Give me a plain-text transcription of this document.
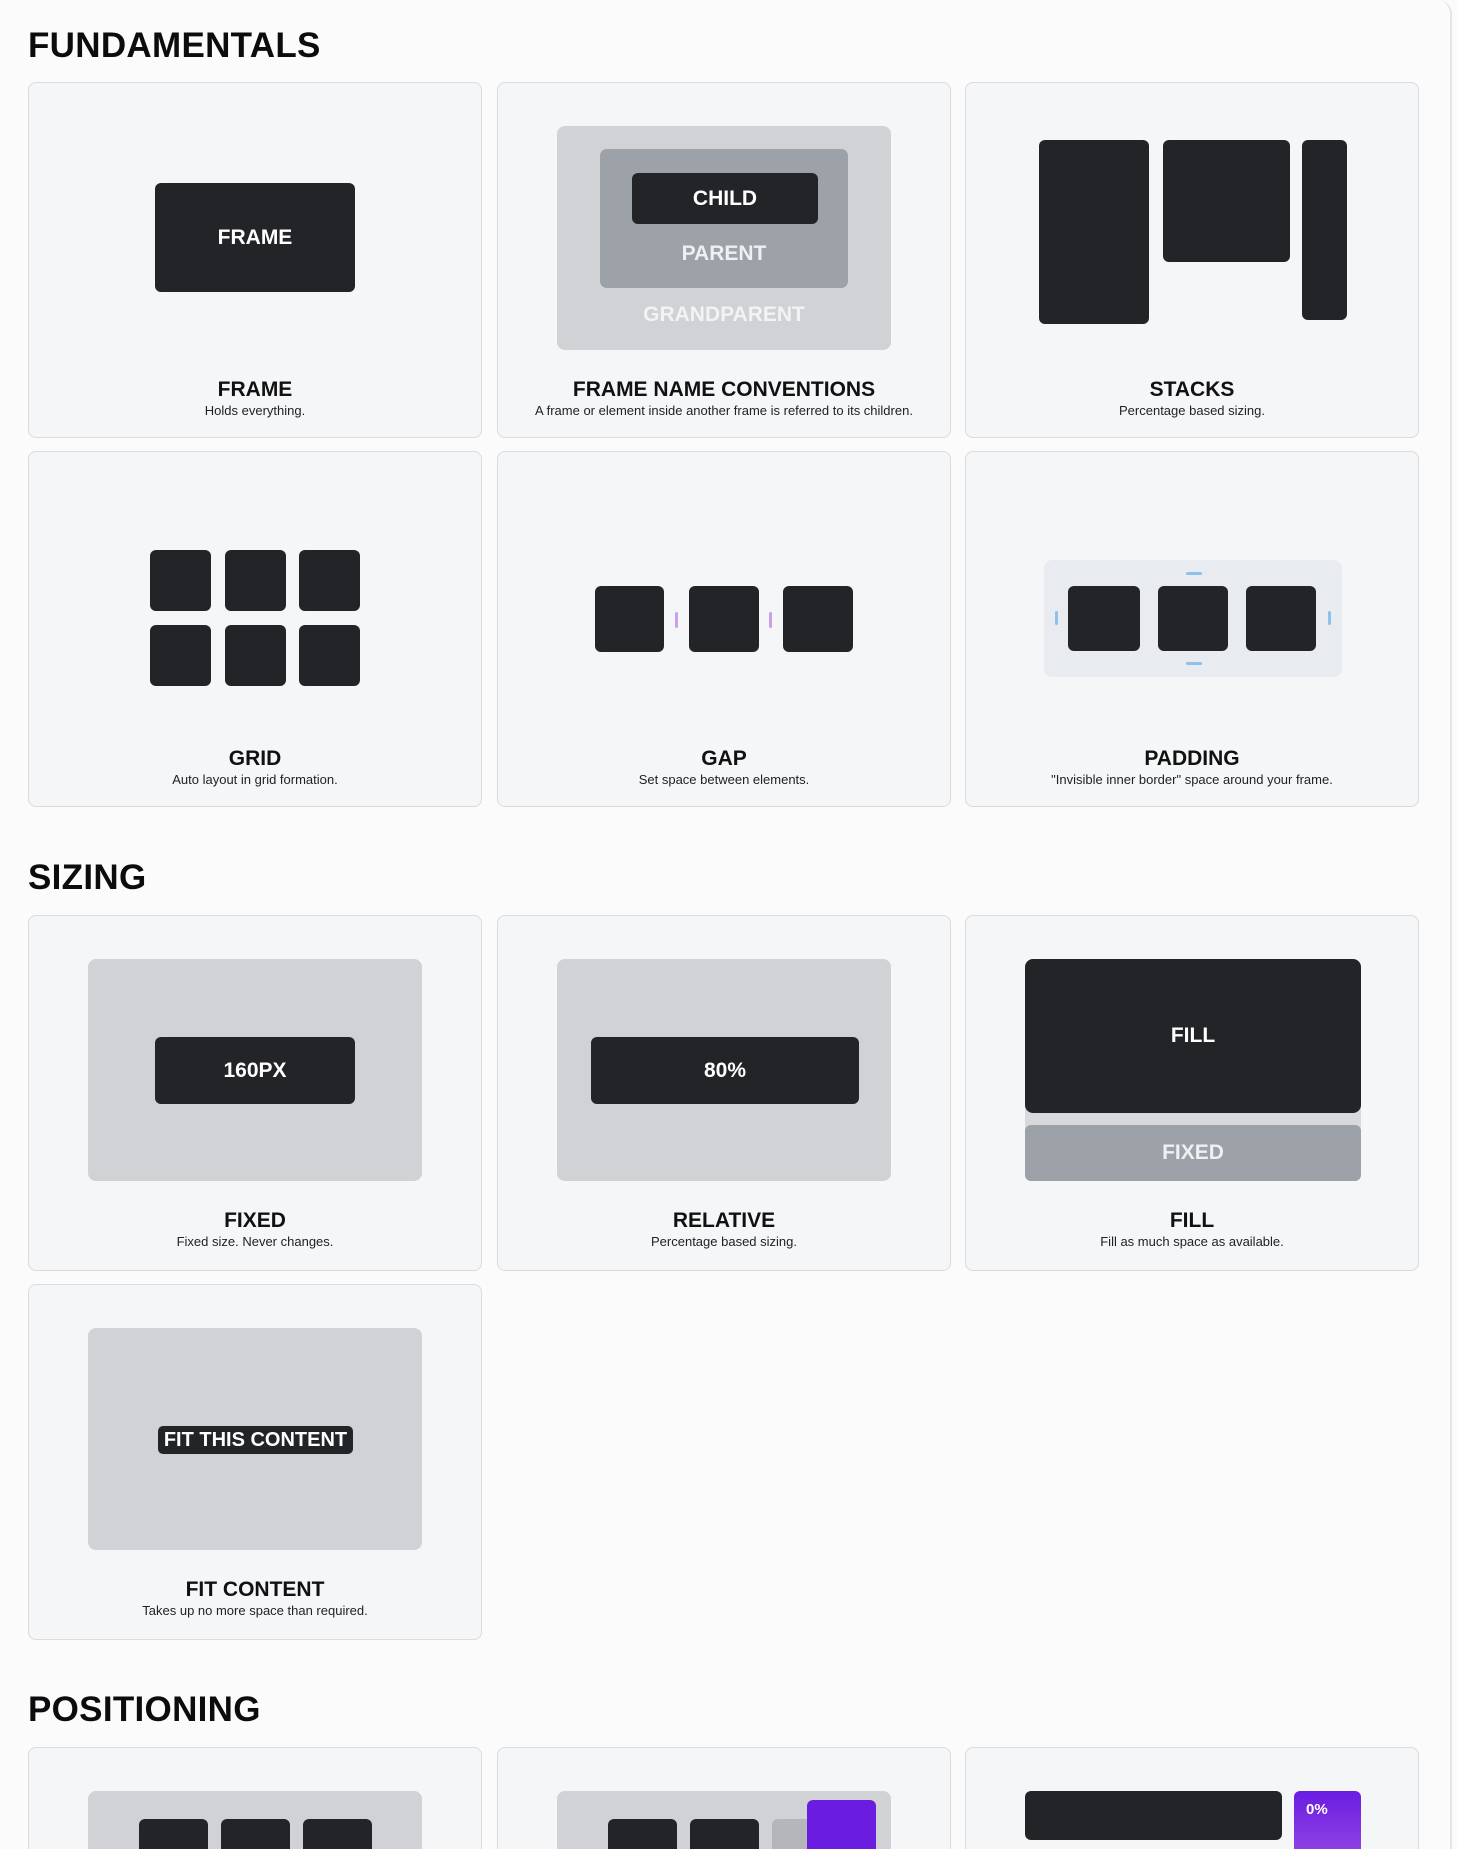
FUNDAMENTALS
FRAME
FRAME
Holds everything.
CHILD
PARENT
GRANDPARENT
FRAME NAME CONVENTIONS
A frame or element inside another frame is referred to its children.
STACKS
Percentage based sizing.
GRID
Auto layout in grid formation.
GAP
Set space between elements.
PADDING
"Invisible inner border" space around your frame.
SIZING
160PX
FIXED
Fixed size. Never changes.
80%
RELATIVE
Percentage based sizing.
FILL
FIXED
FILL
Fill as much space as available.
FIT THIS CONTENT
FIT CONTENT
Takes up no more space than required.
POSITIONING
0%
